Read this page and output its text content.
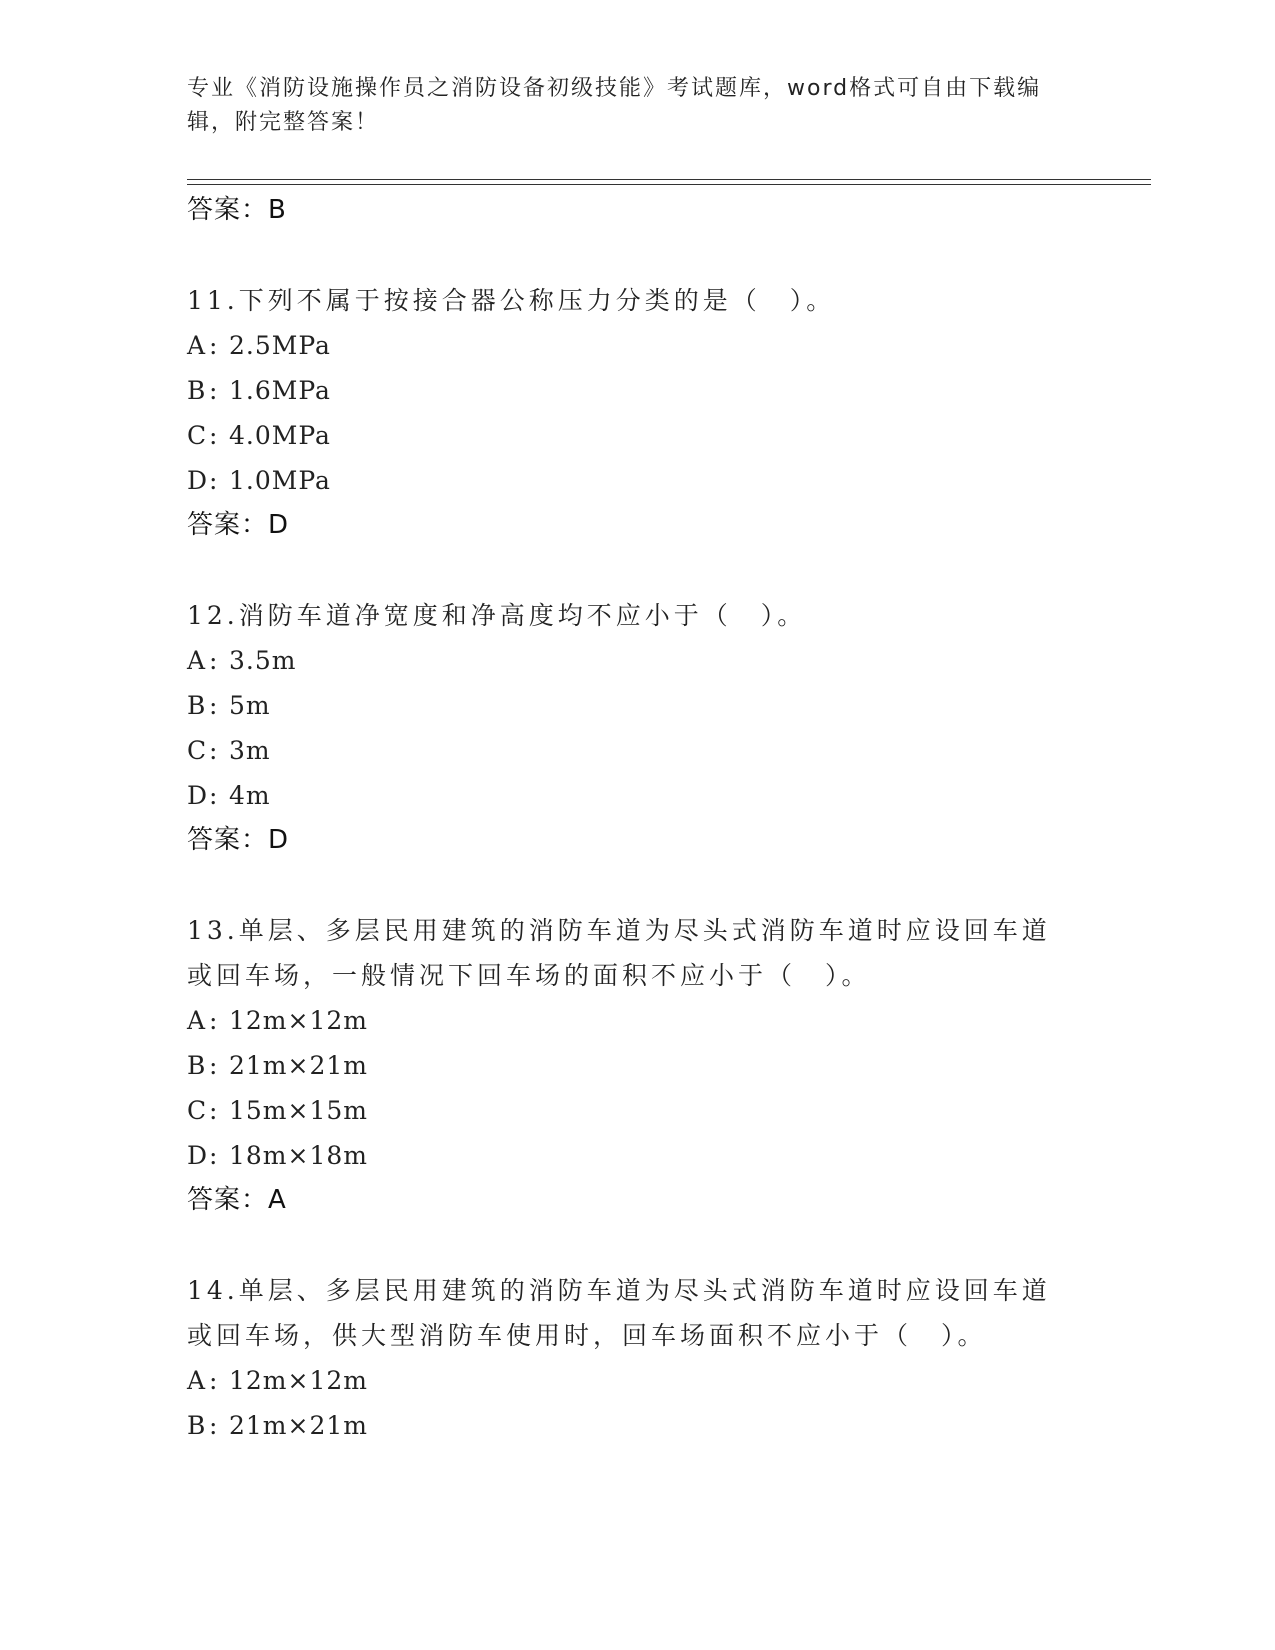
专业《消防设施操作员之消防设备初级技能》考试题库，word格式可自由下载编辑，附完整答案！
答案：B
11.下列不属于按接合器公称压力分类的是（　）。
A : 2.5MPa
B : 1.6MPa
C: 4.0MPa
D: 1.0MPa
答案：D
12.消防车道净宽度和净高度均不应小于（　）。
A : 3.5m
B : 5m
C: 3m
D: 4m
答案：D
13.单层、多层民用建筑的消防车道为尽头式消防车道时应设回车道或回车场，一般情况下回车场的面积不应小于（　）。
A : 12m×12m
B : 21m×21m
C: 15m×15m
D: 18m×18m
答案：A
14.单层、多层民用建筑的消防车道为尽头式消防车道时应设回车道或回车场，供大型消防车使用时，回车场面积不应小于（　）。
A : 12m×12m
B : 21m×21m
